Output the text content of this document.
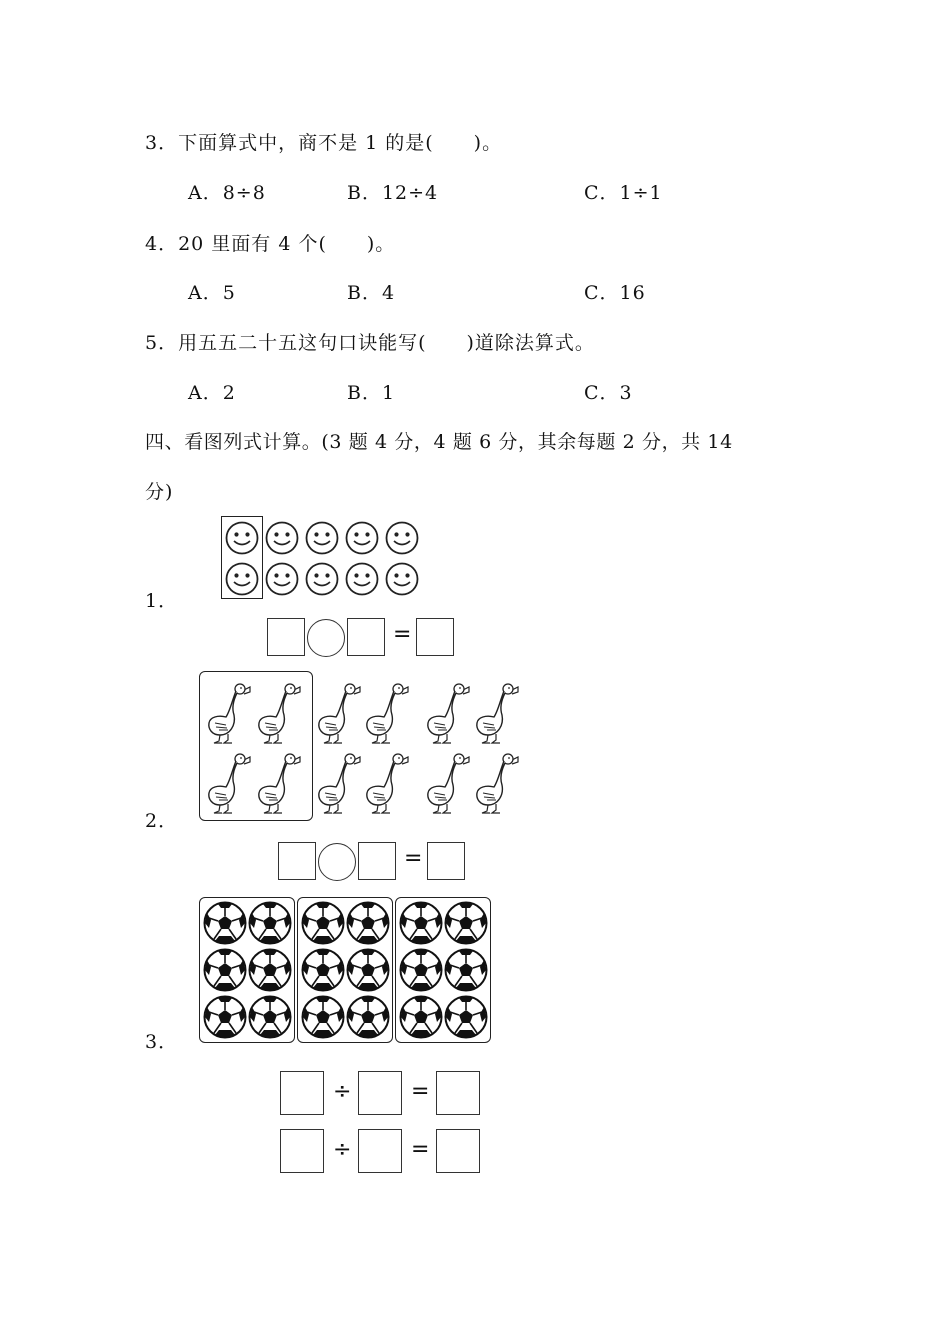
3．下面算式中，商不是 1 的是(　　)。
A．8÷8	B．12÷4	C．1÷1
4．20 里面有 4 个(　　)。
A．5	B．4	C．16
5．用五五二十五这句口诀能写(　　)道除法算式。
A．2	B．1	C．3
四、看图列式计算。(3 题 4 分，4 题 6 分，其余每题 2 分，共 14
分)
1．
=
2．
=
3．
÷	=
÷	=
